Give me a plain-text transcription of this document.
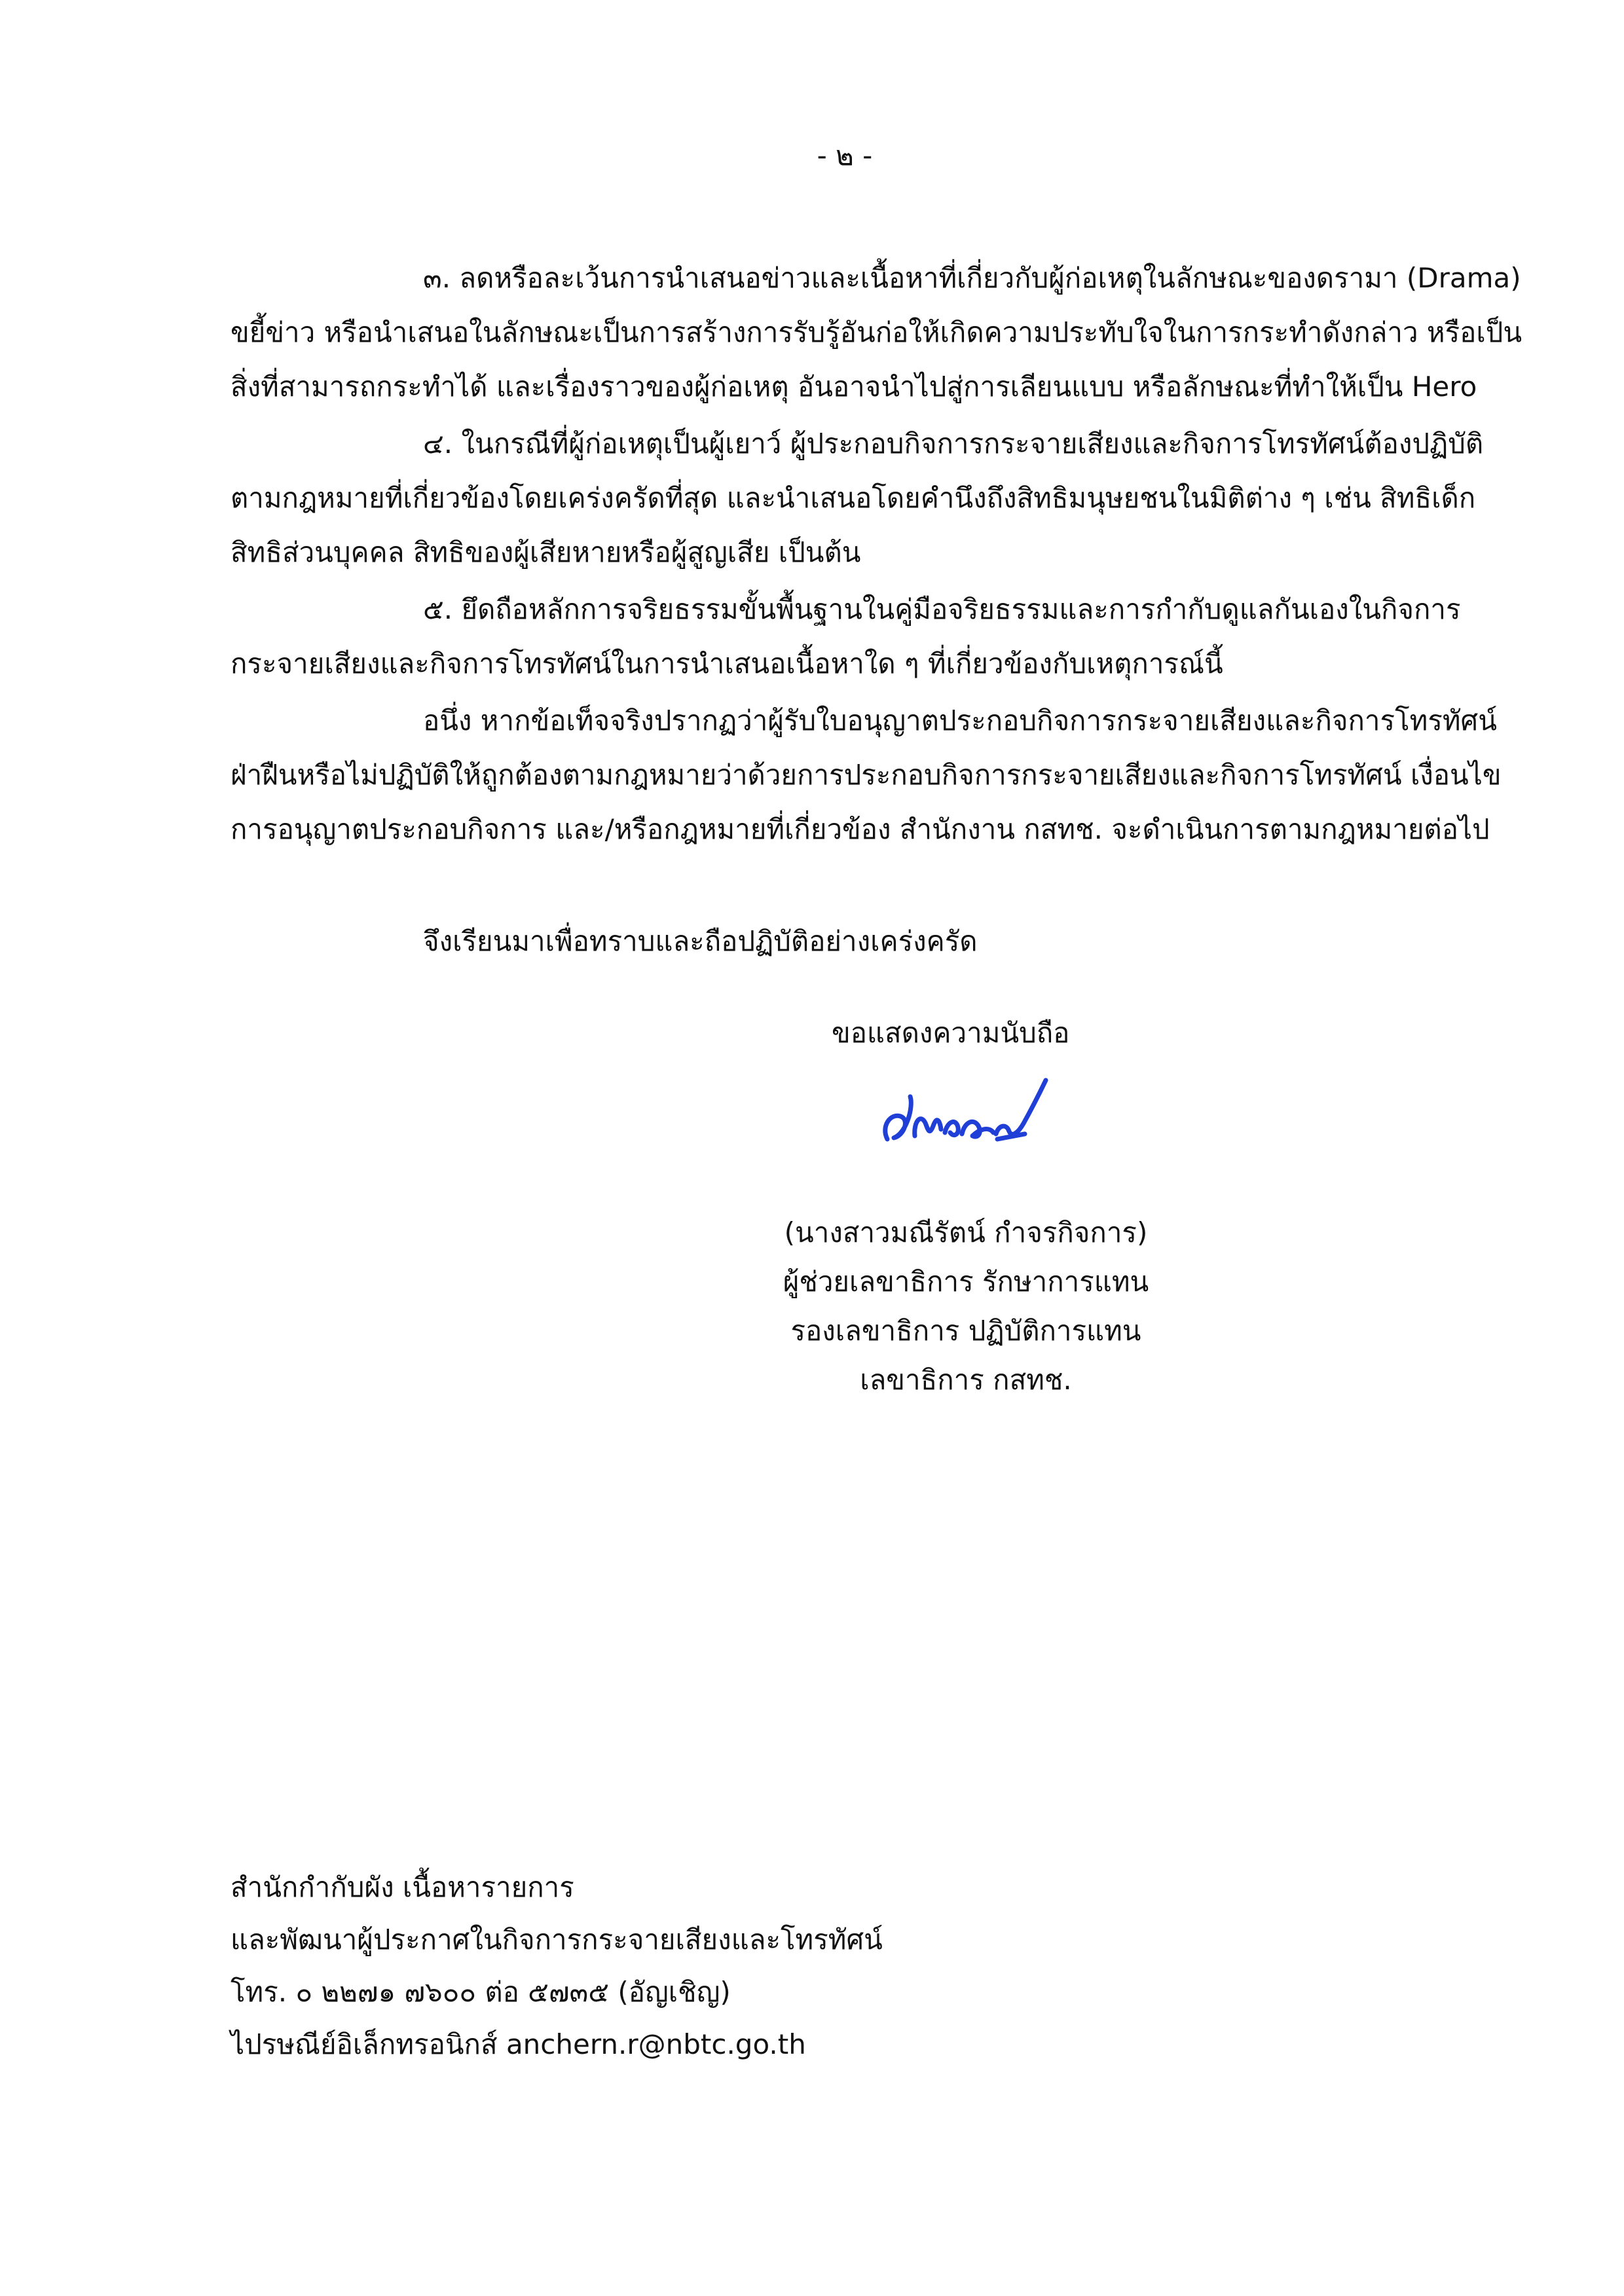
- ๒ -
๓. ลดหรือละเว้นการนำเสนอข่าวและเนื้อหาที่เกี่ยวกับผู้ก่อเหตุในลักษณะของดรามา (Drama)
ขยี้ข่าว หรือนำเสนอในลักษณะเป็นการสร้างการรับรู้อันก่อให้เกิดความประทับใจในการกระทำดังกล่าว หรือเป็น
สิ่งที่สามารถกระทำได้ และเรื่องราวของผู้ก่อเหตุ อันอาจนำไปสู่การเลียนแบบ หรือลักษณะที่ทำให้เป็น Hero
๔. ในกรณีที่ผู้ก่อเหตุเป็นผู้เยาว์ ผู้ประกอบกิจการกระจายเสียงและกิจการโทรทัศน์ต้องปฏิบัติ
ตามกฎหมายที่เกี่ยวข้องโดยเคร่งครัดที่สุด และนำเสนอโดยคำนึงถึงสิทธิมนุษยชนในมิติต่าง ๆ เช่น สิทธิเด็ก
สิทธิส่วนบุคคล สิทธิของผู้เสียหายหรือผู้สูญเสีย เป็นต้น
๕. ยึดถือหลักการจริยธรรมขั้นพื้นฐานในคู่มือจริยธรรมและการกำกับดูแลกันเองในกิจการ
กระจายเสียงและกิจการโทรทัศน์ในการนำเสนอเนื้อหาใด ๆ ที่เกี่ยวข้องกับเหตุการณ์นี้
อนึ่ง หากข้อเท็จจริงปรากฏว่าผู้รับใบอนุญาตประกอบกิจการกระจายเสียงและกิจการโทรทัศน์
ฝ่าฝืนหรือไม่ปฏิบัติให้ถูกต้องตามกฎหมายว่าด้วยการประกอบกิจการกระจายเสียงและกิจการโทรทัศน์ เงื่อนไข
การอนุญาตประกอบกิจการ และ/หรือกฎหมายที่เกี่ยวข้อง สำนักงาน กสทช. จะดำเนินการตามกฎหมายต่อไป
จึงเรียนมาเพื่อทราบและถือปฏิบัติอย่างเคร่งครัด
ขอแสดงความนับถือ
(นางสาวมณีรัตน์ กำจรกิจการ)
ผู้ช่วยเลขาธิการ รักษาการแทน
รองเลขาธิการ ปฏิบัติการแทน
เลขาธิการ กสทช.
สำนักกำกับผัง เนื้อหารายการ
และพัฒนาผู้ประกาศในกิจการกระจายเสียงและโทรทัศน์
โทร. ๐ ๒๒๗๑ ๗๖๐๐ ต่อ ๕๗๓๕ (อัญเชิญ)
ไปรษณีย์อิเล็กทรอนิกส์ anchern.r@nbtc.go.th
